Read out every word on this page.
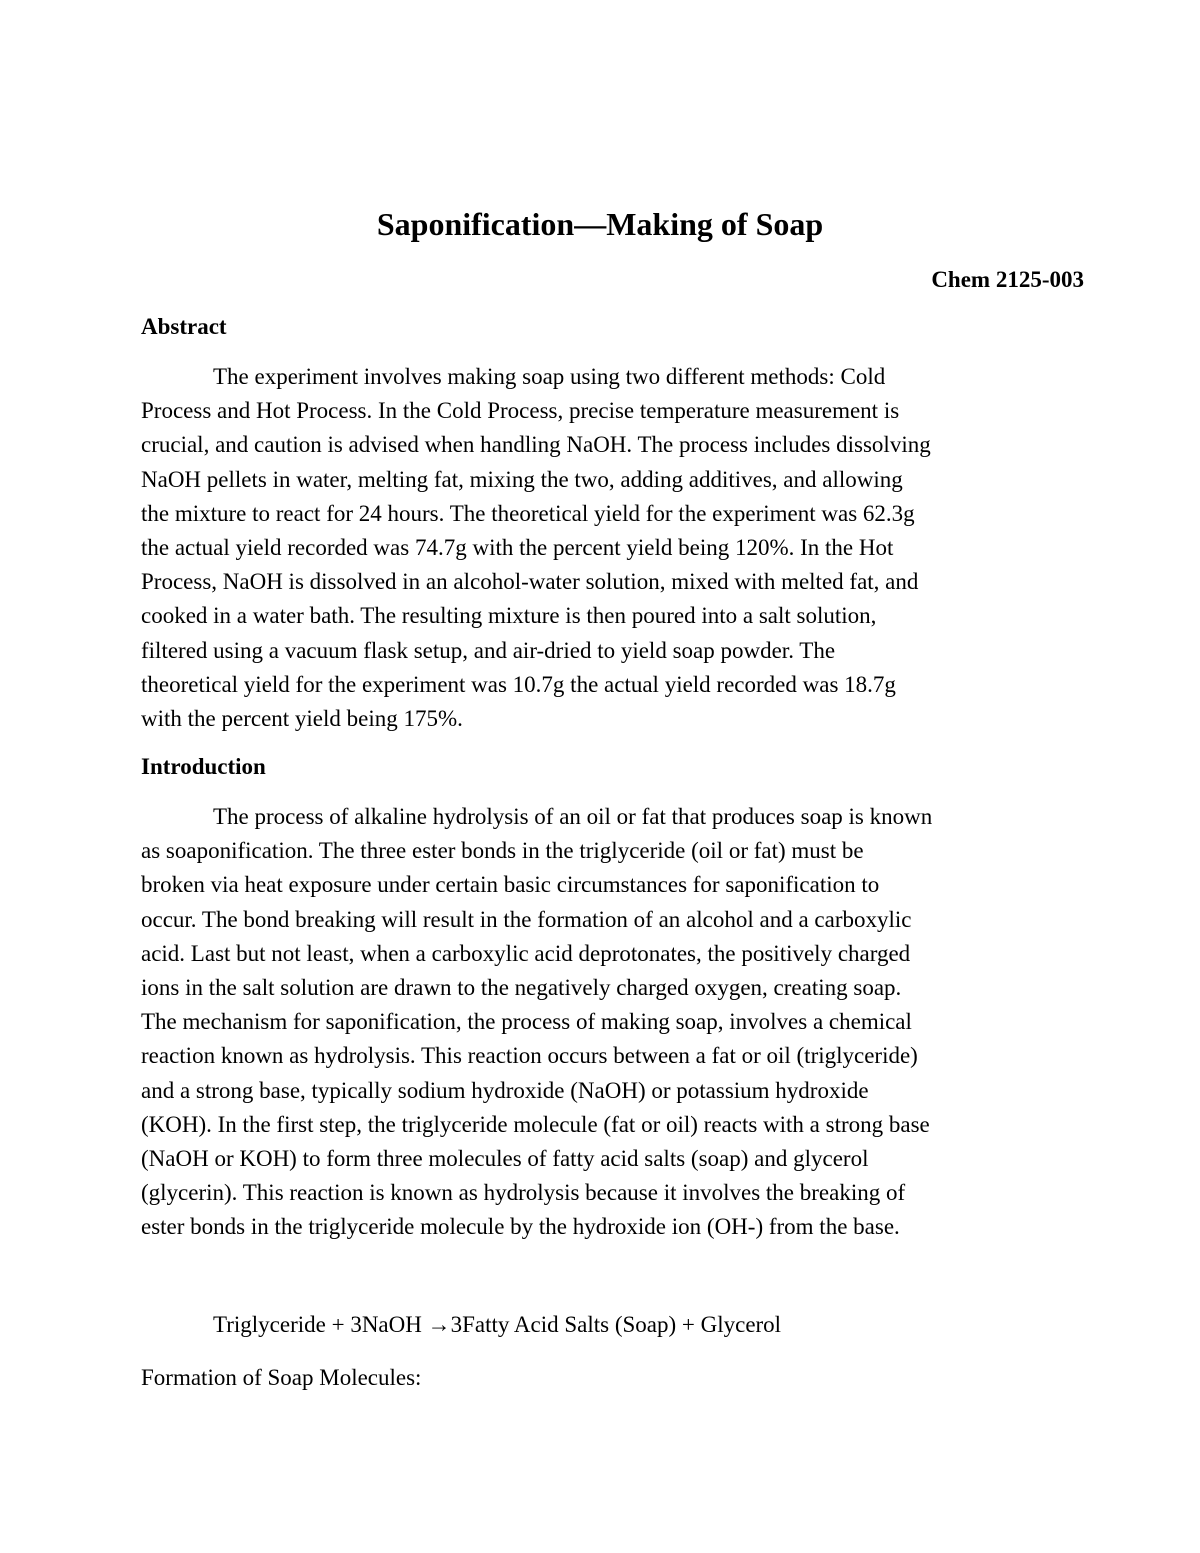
Saponification—Making of Soap

Chem 2125-003

Abstract
The experiment involves making soap using two different methods: Cold
Process and Hot Process. In the Cold Process, precise temperature measurement is
crucial, and caution is advised when handling NaOH. The process includes dissolving
NaOH pellets in water, melting fat, mixing the two, adding additives, and allowing
the mixture to react for 24 hours. The theoretical yield for the experiment was 62.3g
the actual yield recorded was 74.7g with the percent yield being 120%. In the Hot
Process, NaOH is dissolved in an alcohol-water solution, mixed with melted fat, and
cooked in a water bath. The resulting mixture is then poured into a salt solution,
filtered using a vacuum flask setup, and air-dried to yield soap powder. The
theoretical yield for the experiment was 10.7g the actual yield recorded was 18.7g
with the percent yield being 175%.
Introduction
The process of alkaline hydrolysis of an oil or fat that produces soap is known
as soaponification. The three ester bonds in the triglyceride (oil or fat) must be
broken via heat exposure under certain basic circumstances for saponification to
occur. The bond breaking will result in the formation of an alcohol and a carboxylic
acid. Last but not least, when a carboxylic acid deprotonates, the positively charged
ions in the salt solution are drawn to the negatively charged oxygen, creating soap.
The mechanism for saponification, the process of making soap, involves a chemical
reaction known as hydrolysis. This reaction occurs between a fat or oil (triglyceride)
and a strong base, typically sodium hydroxide (NaOH) or potassium hydroxide
(KOH). In the first step, the triglyceride molecule (fat or oil) reacts with a strong base
(NaOH or KOH) to form three molecules of fatty acid salts (soap) and glycerol
(glycerin). This reaction is known as hydrolysis because it involves the breaking of
ester bonds in the triglyceride molecule by the hydroxide ion (OH-) from the base.

Triglyceride + 3NaOH →3Fatty Acid Salts (Soap) + Glycerol

Formation of Soap Molecules:
